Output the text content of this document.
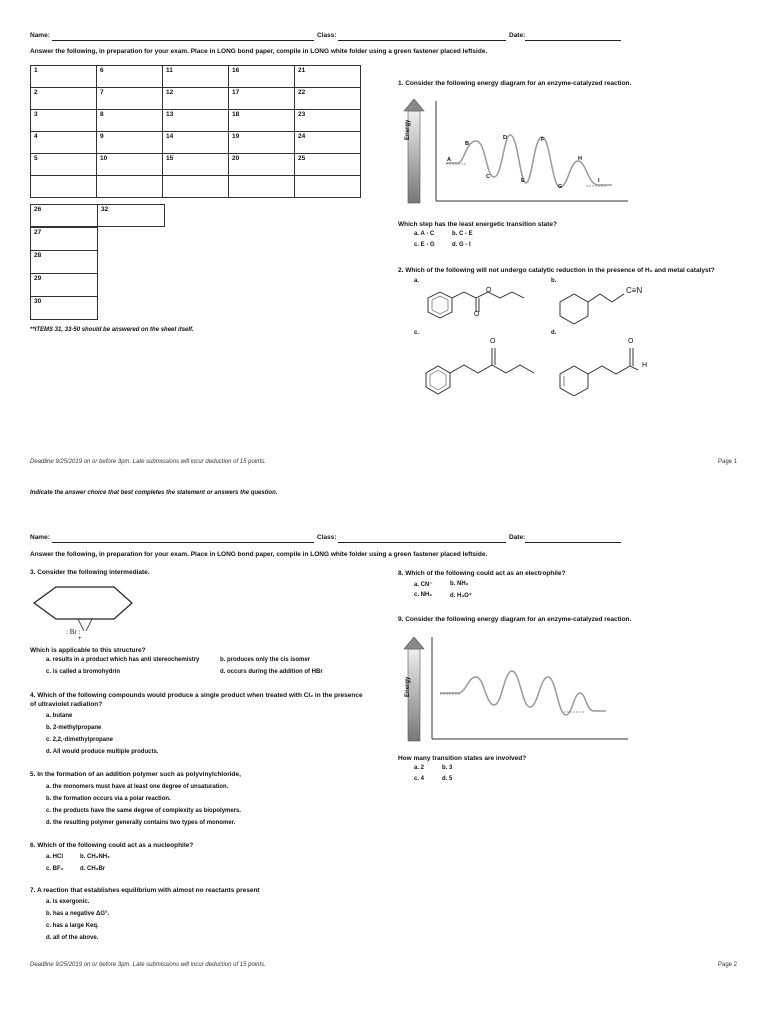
Name:	Class:	Date:
Answer the following, in preparation for your exam. Place in LONG bond paper, compile in LONG white folder using a green fastener placed leftside.
1	6	11	16	21
2	7	12	17	22
3	8	13	18	23
4	9	14	19	24
5	10	15	20	25

26	32
27
28
29
30
**ITEMS 31, 33-50 should be answered on the sheet itself.
1. Consider the following energy diagram for an enzyme-catalyzed reaction.
Energy
A
B
C
D
E
F
G
H
I
Which step has the least energetic transition state?
a. A - C	b. C - E
c. E - G	d. G - I
2. Which of the following will not undergo catalytic reduction in the presence of H₂ and metal catalyst?
a.	b.
c.	d.
O
O	C≡N
O	O
H
Deadline 9/25/2019 on or before 3pm. Late submissions will incur deduction of 15 points.	Page 1
Indicate the answer choice that best completes the statement or answers the question.
Name:	Class:	Date:
Answer the following, in preparation for your exam. Place in LONG bond paper, compile in LONG white folder using a green fastener placed leftside.
3. Consider the following intermediate.
: Br :
+
Which is applicable to this structure?
a. results in a product which has anti stereochemistry	b. produces only the cis isomer
c. is called a bromohydrin	d. occurs during the addition of HBr
4. Which of the following compounds would produce a single product when treated with Cl₂ in the presence of ultraviolet radiation?
a. butane
b. 2-methylpropane
c. 2,2,-dimethylpropane
d. All would produce multiple products.
5. In the formation of an addition polymer such as polyvinylchloride,
a. the monomers must have at least one degree of unsaturation.
b. the formation occurs via a polar reaction.
c. the products have the same degree of complexity as biopolymers.
d. the resulting polymer generally contains two types of monomer.
6. Which of the following could act as a nucleophile?
a. HCl	b. CH₃NH₂
c. BF₃	d. CH₃Br
7. A reaction that establishes equilibrium with almost no reactants present
a. is exergonic.
b. has a negative ΔG°.
c. has a large Keq.
d. all of the above.
8. Which of the following could act as an electrophile?
a. CN⁻	b. NH₃
c. NH₂	d. H₃O⁺
9. Consider the following energy diagram for an enzyme-catalyzed reaction.
Energy
How many transition states are involved?
a. 2	b. 3
c. 4	d. 5
Deadline 9/25/2019 on or before 3pm. Late submissions will incur deduction of 15 points.	Page 2
